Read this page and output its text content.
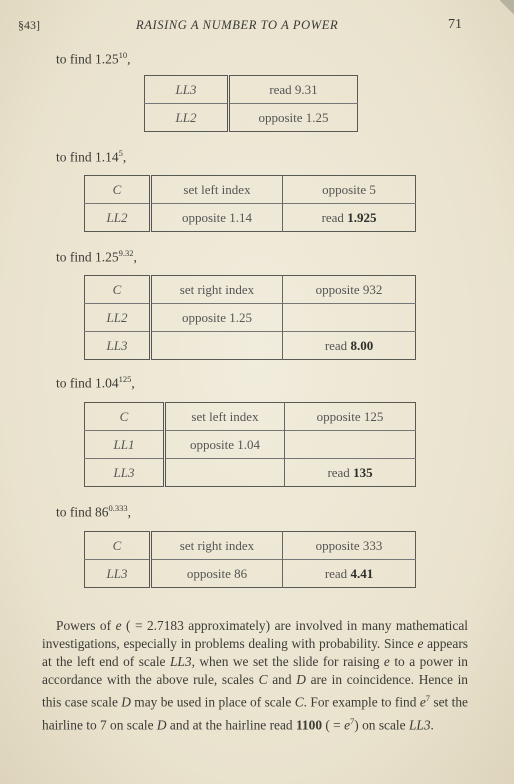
§43]	RAISING A NUMBER TO A POWER	71
to find 1.25$^{10}$,
LL3	read 9.31
LL2	opposite 1.25
to find 1.14$^5$,
C	set left index	opposite 5
LL2	opposite 1.14	read 1.925
to find $1.25^{9.32}$,
C	set right index	opposite 932
LL2	opposite 1.25	
LL3		read 8.00
to find 1.04$^{125}$,
C	set left index	opposite 125
LL1	opposite 1.04	
LL3		read 135
to find $86^{0.333}$,
C	set right index	opposite 333
LL3	opposite 86	read 4.41

Powers of e ( = 2.7183 approximately) are involved in many mathematical investigations, especially in problems dealing with probability. Since e appears at the left end of scale LL3, when we set the slide for raising e to a power in accordance with the above rule, scales C and D are in coincidence. Hence in this case scale D may be used in place of scale C. For example to find $e^7$ set the hairline to 7 on scale D and at the hairline read 1100 ( = $e^7$) on scale LL3.
